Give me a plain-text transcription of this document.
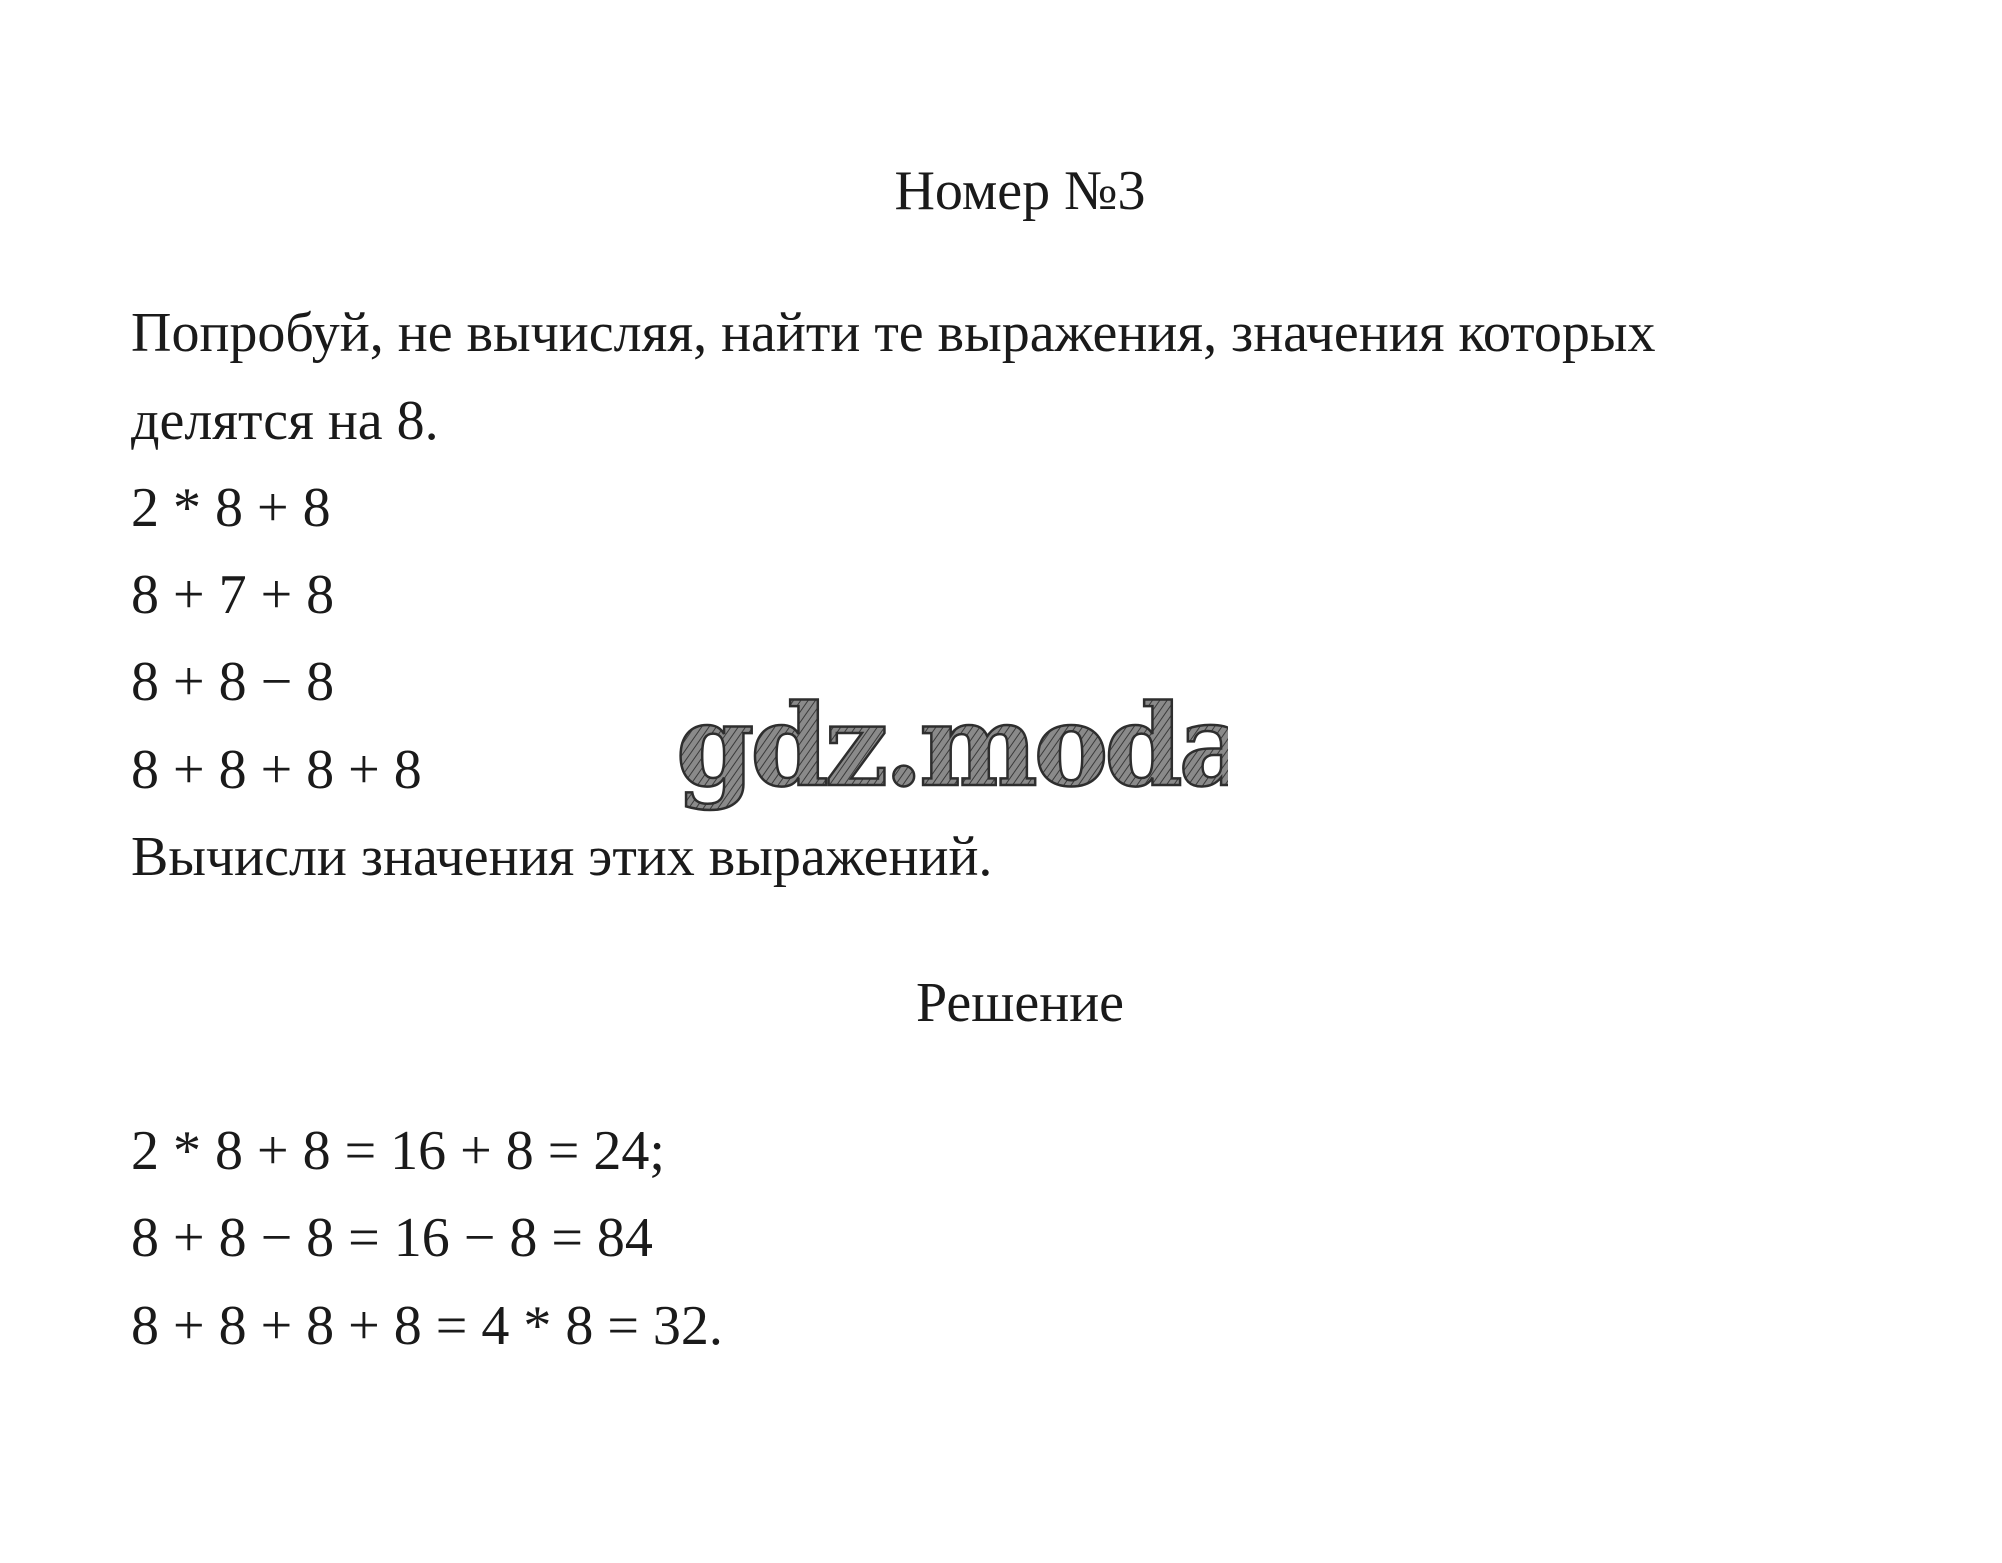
Номер №3
Попробуй, не вычисляя, найти те выражения, значения которых
делятся на 8.
2 * 8 + 8
8 + 7 + 8
8 + 8 − 8
8 + 8 + 8 + 8
Вычисли значения этих выражений.
Решение
2 * 8 + 8 = 16 + 8 = 24;
8 + 8 − 8 = 16 − 8 = 84
8 + 8 + 8 + 8 = 4 * 8 = 32.
gdz.moda
